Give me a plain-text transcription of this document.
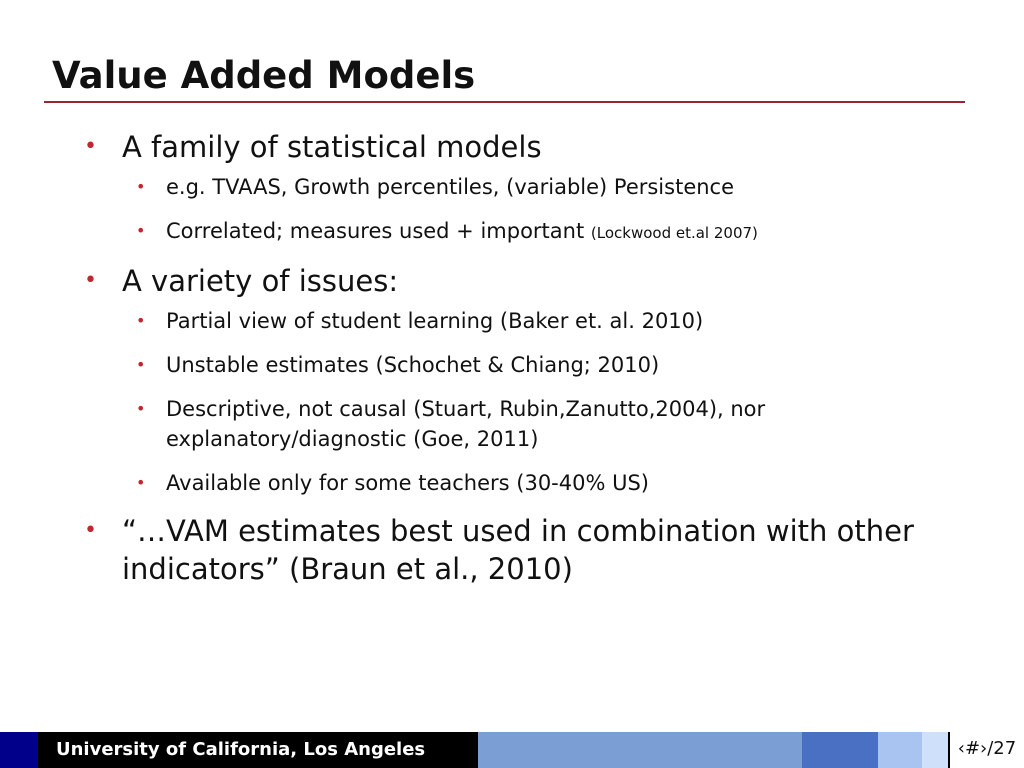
Value Added Models
• A family of statistical models
• e.g. TVAAS, Growth percentiles, (variable) Persistence
• Correlated; measures used + important (Lockwood et.al 2007)
• A variety of issues:
• Partial view of student learning (Baker et. al. 2010)
• Unstable estimates (Schochet & Chiang; 2010)
• Descriptive, not causal (Stuart, Rubin,Zanutto,2004), nor explanatory/diagnostic (Goe, 2011)
• Available only for some teachers (30-40% US)
• “…VAM estimates best used in combination with other indicators” (Braun et al., 2010)
University of California, Los Angeles	‹#›/27
